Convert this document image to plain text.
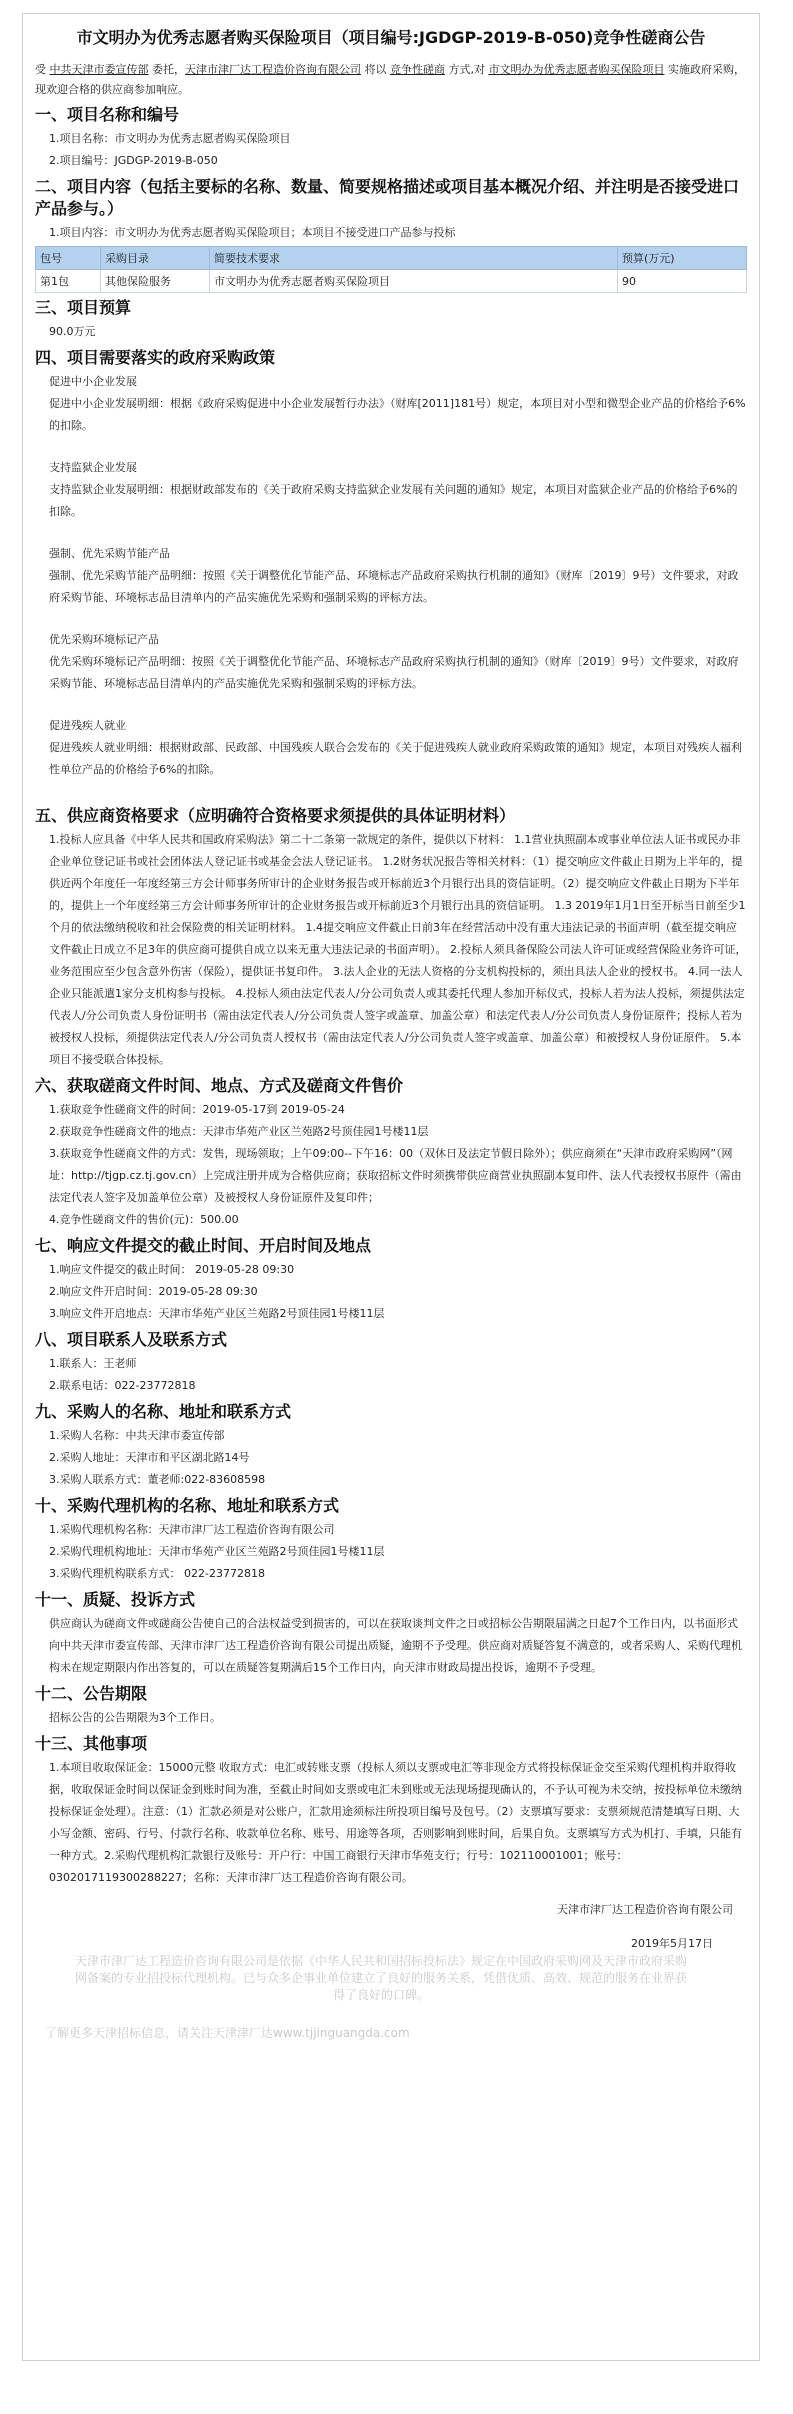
市文明办为优秀志愿者购买保险项目（项目编号:JGDGP-2019-B-050)竞争性磋商公告

受 中共天津市委宣传部 委托，天津市津厂达工程造价咨询有限公司 将以 竞争性磋商 方式,对 市文明办为优秀志愿者购买保险项目 实施政府采购，现欢迎合格的供应商参加响应。

一、项目名称和编号

1.项目名称：市文明办为优秀志愿者购买保险项目

2.项目编号：JGDGP-2019-B-050

二、项目内容（包括主要标的名称、数量、简要规格描述或项目基本概况介绍、并注明是否接受进口产品参与。）

1.项目内容：市文明办为优秀志愿者购买保险项目；本项目不接受进口产品参与投标

包号	采购目录	简要技术要求	预算(万元)
第1包	其他保险服务	市文明办为优秀志愿者购买保险项目	90
三、项目预算

90.0万元

四、项目需要落实的政府采购政策

促进中小企业发展

促进中小企业发展明细：根据《政府采购促进中小企业发展暂行办法》（财库[2011]181号）规定，本项目对小型和微型企业产品的价格给予6%的扣除。

支持监狱企业发展

支持监狱企业发展明细：根据财政部发布的《关于政府采购支持监狱企业发展有关问题的通知》规定，本项目对监狱企业产品的价格给予6%的扣除。

强制、优先采购节能产品

强制、优先采购节能产品明细：按照《关于调整优化节能产品、环境标志产品政府采购执行机制的通知》（财库〔2019〕9号）文件要求，对政府采购节能、环境标志品目清单内的产品实施优先采购和强制采购的评标方法。

优先采购环境标记产品

优先采购环境标记产品明细：按照《关于调整优化节能产品、环境标志产品政府采购执行机制的通知》（财库〔2019〕9号）文件要求，对政府采购节能、环境标志品目清单内的产品实施优先采购和强制采购的评标方法。

促进残疾人就业

促进残疾人就业明细：根据财政部、民政部、中国残疾人联合会发布的《关于促进残疾人就业政府采购政策的通知》规定，本项目对残疾人福利性单位产品的价格给予6%的扣除。

五、供应商资格要求（应明确符合资格要求须提供的具体证明材料）

1.投标人应具备《中华人民共和国政府采购法》第二十二条第一款规定的条件，提供以下材料： 1.1营业执照副本或事业单位法人证书或民办非企业单位登记证书或社会团体法人登记证书或基金会法人登记证书。 1.2财务状况报告等相关材料：（1）提交响应文件截止日期为上半年的，提供近两个年度任一年度经第三方会计师事务所审计的企业财务报告或开标前近3个月银行出具的资信证明。（2）提交响应文件截止日期为下半年的，提供上一个年度经第三方会计师事务所审计的企业财务报告或开标前近3个月银行出具的资信证明。 1.3 2019年1月1日至开标当日前至少1个月的依法缴纳税收和社会保险费的相关证明材料。 1.4提交响应文件截止日前3年在经营活动中没有重大违法记录的书面声明（截至提交响应文件截止日成立不足3年的供应商可提供自成立以来无重大违法记录的书面声明）。 2.投标人须具备保险公司法人许可证或经营保险业务许可证，业务范围应至少包含意外伤害（保险），提供证书复印件。 3.法人企业的无法人资格的分支机构投标的，须出具法人企业的授权书。 4.同一法人企业只能派遣1家分支机构参与投标。 4.投标人须由法定代表人/分公司负责人或其委托代理人参加开标仪式，投标人若为法人投标，须提供法定代表人/分公司负责人身份证明书（需由法定代表人/分公司负责人签字或盖章、加盖公章）和法定代表人/分公司负责人身份证原件；投标人若为被授权人投标，须提供法定代表人/分公司负责人授权书（需由法定代表人/分公司负责人签字或盖章、加盖公章）和被授权人身份证原件。 5.本项目不接受联合体投标。

六、获取磋商文件时间、地点、方式及磋商文件售价

1.获取竞争性磋商文件的时间：2019-05-17到 2019-05-24

2.获取竞争性磋商文件的地点：天津市华苑产业区兰苑路2号顶佳园1号楼11层

3.获取竞争性磋商文件的方式：发售，现场领取；上午09:00--下午16：00（双休日及法定节假日除外）；供应商须在“天津市政府采购网”（网址：http://tjgp.cz.tj.gov.cn）上完成注册并成为合格供应商；获取招标文件时须携带供应商营业执照副本复印件、法人代表授权书原件（需由法定代表人签字及加盖单位公章）及被授权人身份证原件及复印件；

4.竞争性磋商文件的售价(元)：500.00

七、响应文件提交的截止时间、开启时间及地点

1.响应文件提交的截止时间： 2019-05-28 09:30

2.响应文件开启时间：2019-05-28 09:30

3.响应文件开启地点：天津市华苑产业区兰苑路2号顶佳园1号楼11层

八、项目联系人及联系方式

1.联系人：王老师

2.联系电话：022-23772818

九、采购人的名称、地址和联系方式

1.采购人名称：中共天津市委宣传部

2.采购人地址：天津市和平区湖北路14号

3.采购人联系方式：董老师:022-83608598

十、采购代理机构的名称、地址和联系方式

1.采购代理机构名称：天津市津厂达工程造价咨询有限公司

2.采购代理机构地址：天津市华苑产业区兰苑路2号顶佳园1号楼11层

3.采购代理机构联系方式： 022-23772818

十一、质疑、投诉方式

供应商认为磋商文件或磋商公告使自己的合法权益受到损害的，可以在获取谈判文件之日或招标公告期限届满之日起7个工作日内，以书面形式向中共天津市委宣传部、天津市津厂达工程造价咨询有限公司提出质疑，逾期不予受理。供应商对质疑答复不满意的，或者采购人、采购代理机构未在规定期限内作出答复的，可以在质疑答复期满后15个工作日内，向天津市财政局提出投诉，逾期不予受理。

十二、公告期限

招标公告的公告期限为3个工作日。

十三、其他事项

1.本项目收取保证金：15000元整 收取方式：电汇或转账支票（投标人须以支票或电汇等非现金方式将投标保证金交至采购代理机构并取得收据，收取保证金时间以保证金到账时间为准，至截止时间如支票或电汇未到账或无法现场提现确认的，不予认可视为未交纳，按投标单位未缴纳投标保证金处理）。注意：（1）汇款必须是对公账户，汇款用途须标注所投项目编号及包号。（2）支票填写要求：支票须规范清楚填写日期、大小写金额、密码、行号、付款行名称、收款单位名称、账号、用途等各项，否则影响到账时间，后果自负。支票填写方式为机打、手填，只能有一种方式。2.采购代理机构汇款银行及账号：开户行：中国工商银行天津市华苑支行；行号：102110001001；账号：0302017119300288227；名称：天津市津厂达工程造价咨询有限公司。

天津市津厂达工程造价咨询有限公司

2019年5月17日

天津市津厂达工程造价咨询有限公司是依据《中华人民共和国招标投标法》规定在中国政府采购网及天津市政府采购网备案的专业招投标代理机构。已与众多企事业单位建立了良好的服务关系，凭借优质、高效、规范的服务在业界获得了良好的口碑。

了解更多天津招标信息，请关注天津津厂达www.tjjinguangda.com
